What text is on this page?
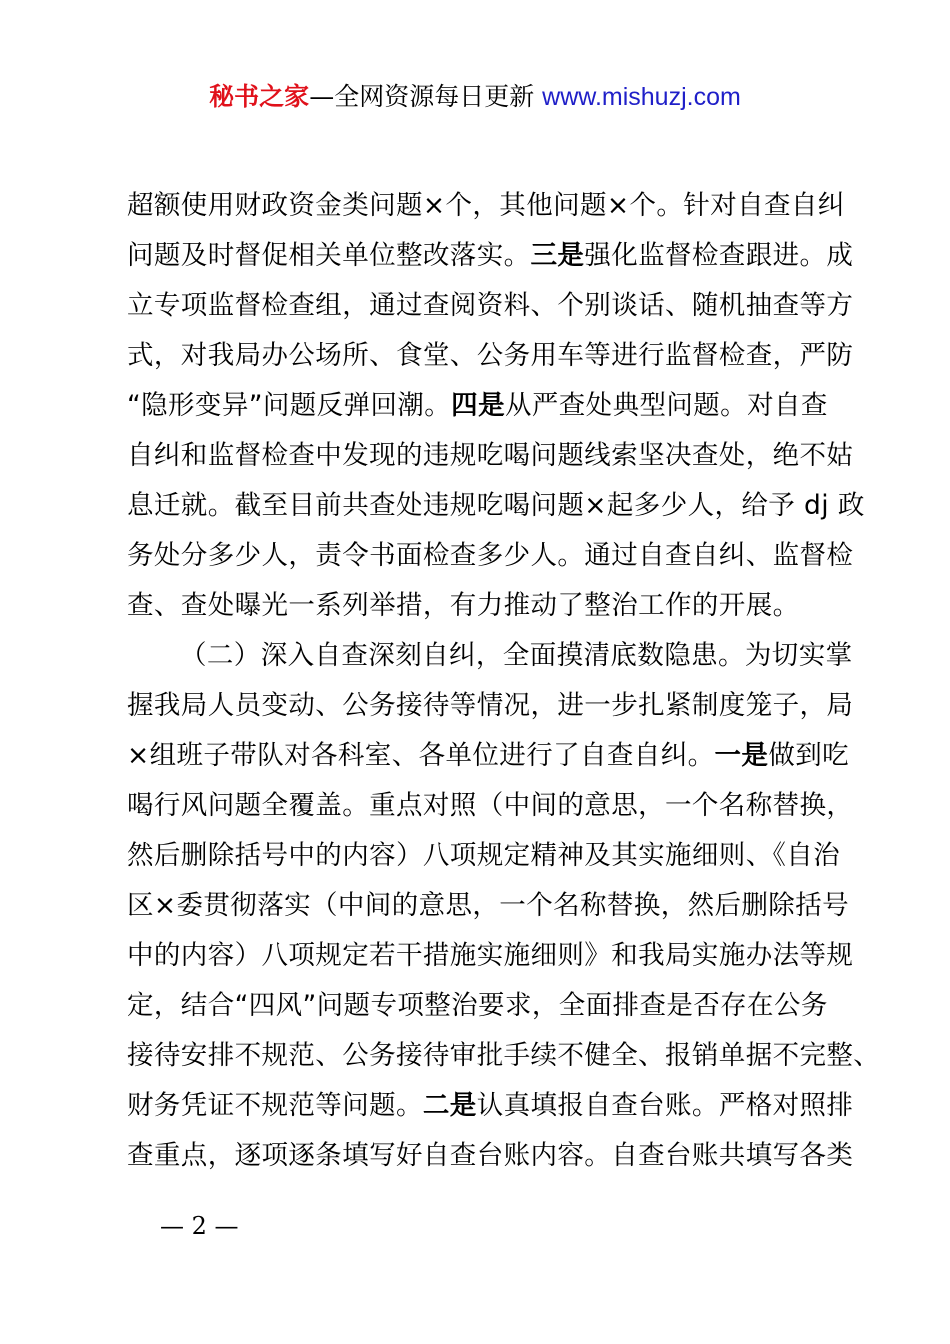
秘书之家—全网资源每日更新 www.mishuzj.com
超额使用财政资金类问题×个，其他问题×个。针对自查自纠
问题及时督促相关单位整改落实。三是强化监督检查跟进。成
立专项监督检查组，通过查阅资料、个别谈话、随机抽查等方
式，对我局办公场所、食堂、公务用车等进行监督检查，严防
“隐形变异”问题反弹回潮。四是从严查处典型问题。对自查
自纠和监督检查中发现的违规吃喝问题线索坚决查处，绝不姑
息迁就。截至目前共查处违规吃喝问题×起多少人，给予 dj 政
务处分多少人，责令书面检查多少人。通过自查自纠、监督检
查、查处曝光一系列举措，有力推动了整治工作的开展。
（二）深入自查深刻自纠，全面摸清底数隐患。为切实掌
握我局人员变动、公务接待等情况，进一步扎紧制度笼子，局
×组班子带队对各科室、各单位进行了自查自纠。一是做到吃
喝行风问题全覆盖。重点对照（中间的意思，一个名称替换，
然后删除括号中的内容）八项规定精神及其实施细则、《自治
区×委贯彻落实（中间的意思，一个名称替换，然后删除括号
中的内容）八项规定若干措施实施细则》和我局实施办法等规
定，结合“四风”问题专项整治要求，全面排查是否存在公务
接待安排不规范、公务接待审批手续不健全、报销单据不完整、
财务凭证不规范等问题。二是认真填报自查台账。严格对照排
查重点，逐项逐条填写好自查台账内容。自查台账共填写各类
— 2 —
